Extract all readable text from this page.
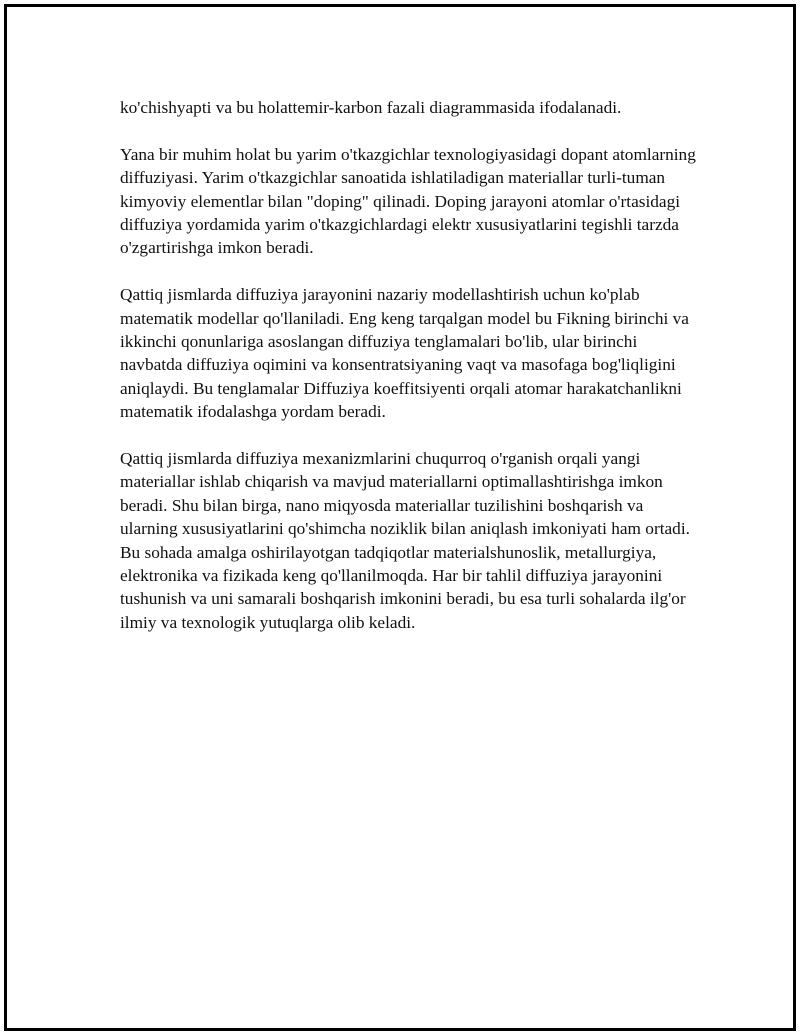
ko'chishyapti va bu holattemir-karbon fazali diagrammasida ifodalanadi.

Yana bir muhim holat bu yarim o'tkazgichlar texnologiyasidagi dopant atomlarning diffuziyasi. Yarim o'tkazgichlar sanoatida ishlatiladigan materiallar turli-tuman kimyoviy elementlar bilan "doping" qilinadi. Doping jarayoni atomlar o'rtasidagi diffuziya yordamida yarim o'tkazgichlardagi elektr xususiyatlarini tegishli tarzda o'zgartirishga imkon beradi.

Qattiq jismlarda diffuziya jarayonini nazariy modellashtirish uchun ko'plab matematik modellar qo'llaniladi. Eng keng tarqalgan model bu Fikning birinchi va ikkinchi qonunlariga asoslangan diffuziya tenglamalari bo'lib, ular birinchi navbatda diffuziya oqimini va konsentratsiyaning vaqt va masofaga bog'liqligini aniqlaydi. Bu tenglamalar Diffuziya koeffitsiyenti orqali atomar harakatchanlikni matematik ifodalashga yordam beradi.

Qattiq jismlarda diffuziya mexanizmlarini chuqurroq o'rganish orqali yangi materiallar ishlab chiqarish va mavjud materiallarni optimallashtirishga imkon beradi. Shu bilan birga, nano miqyosda materiallar tuzilishini boshqarish va ularning xususiyatlarini qo'shimcha noziklik bilan aniqlash imkoniyati ham ortadi. Bu sohada amalga oshirilayotgan tadqiqotlar materialshunoslik, metallurgiya, elektronika va fizikada keng qo'llanilmoqda. Har bir tahlil diffuziya jarayonini tushunish va uni samarali boshqarish imkonini beradi, bu esa turli sohalarda ilg'or ilmiy va texnologik yutuqlarga olib keladi.
